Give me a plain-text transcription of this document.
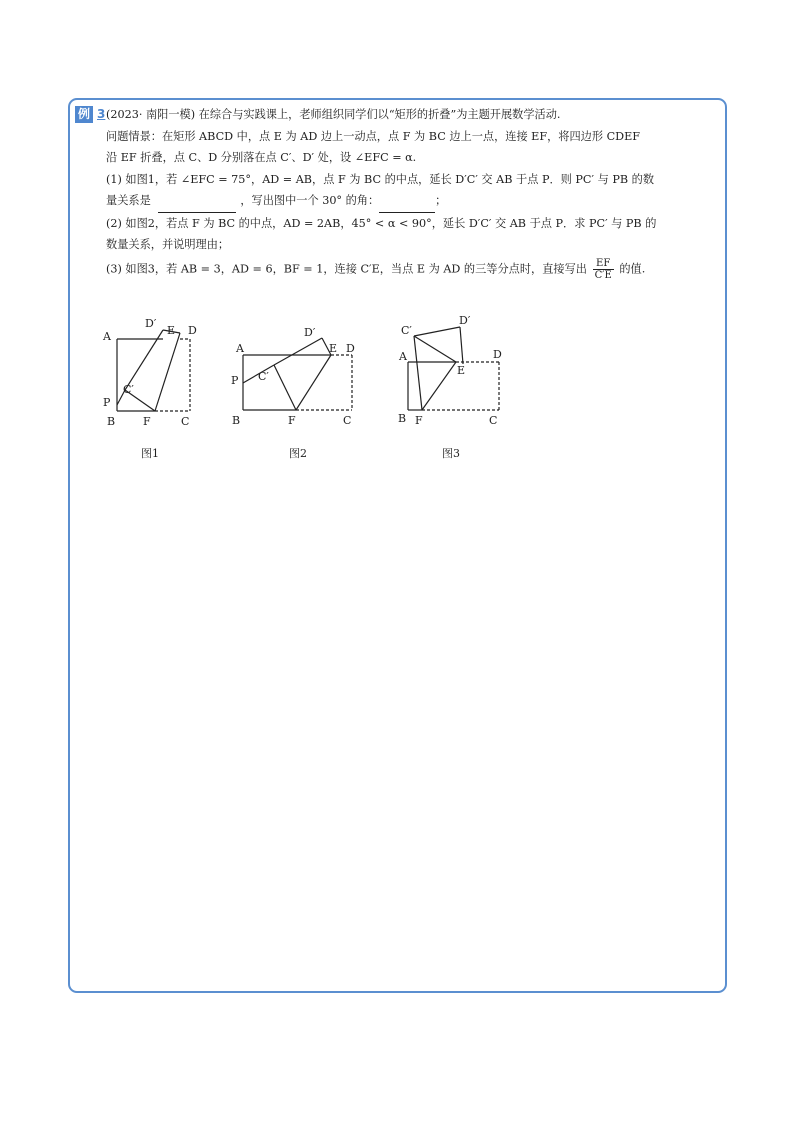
例 3 (2023· 南阳一模) 在综合与实践课上，老师组织同学们以“矩形的折叠”为主题开展数学活动.
问题情景：在矩形 ABCD 中，点 E 为 AD 边上一动点，点 F 为 BC 边上一点，连接 EF，将四边形 CDEF
沿 EF 折叠，点 C、D 分别落在点 C′、D′ 处，设 ∠EFC = α.
(1) 如图1，若 ∠EFC = 75°，AD = AB，点 F 为 BC 的中点，延长 D′C′ 交 AB 于点 P．则 PC′ 与 PB 的数
量关系是	，写出图中一个 30° 的角：	；
(2) 如图2，若点 F 为 BC 的中点，AD = 2AB，45° < α < 90°，延长 D′C′ 交 AB 于点 P．求 PC′ 与 PB 的
数量关系，并说明理由；
(3) 如图3，若 AB = 3，AD = 6，BF = 1，连接 C′E，当点 E 为 AD 的三等分点时，直接写出 $\frac{EF}{C'E}$ 的值.
A
D′
E D
C′
P
B	F	C
A
D′
E D
C′
P
B	F	C
C′
D′
A
E
D
B F	C
图1	图2	图3
